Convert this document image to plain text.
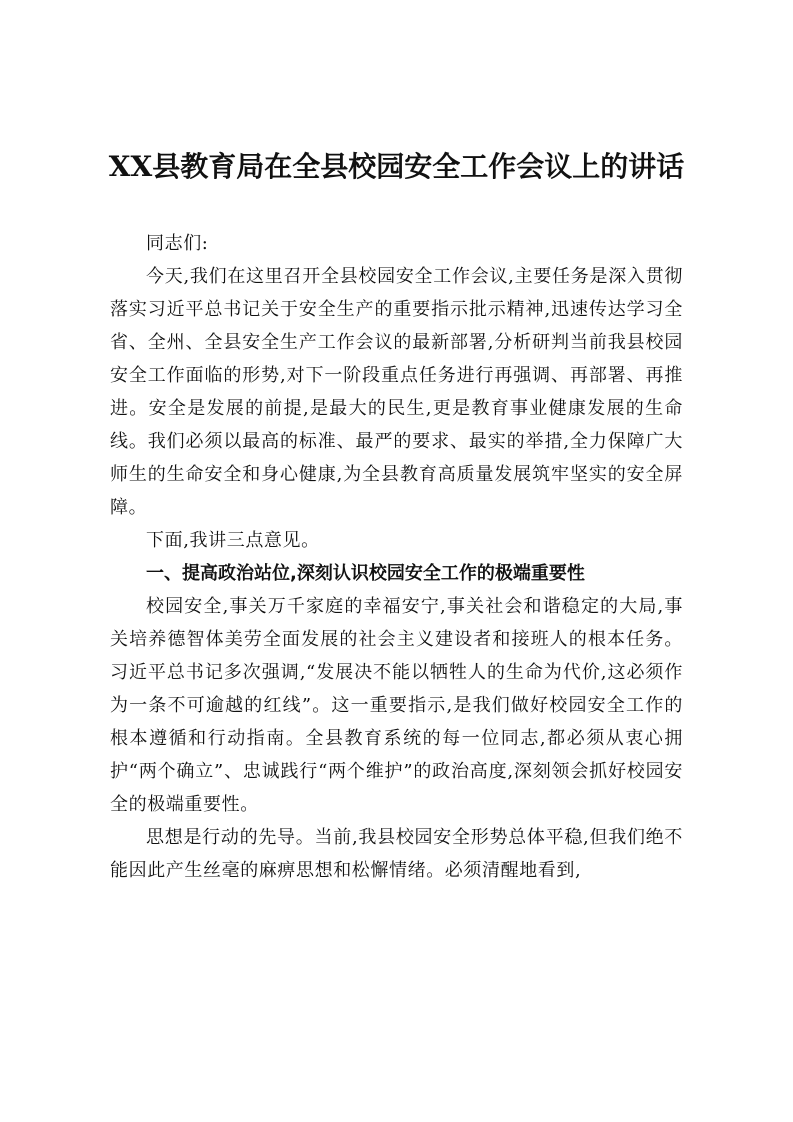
XX县教育局在全县校园安全工作会议上的讲话

同志们:

今天,我们在这里召开全县校园安全工作会议,主要任务是深入贯彻落实习近平总书记关于安全生产的重要指示批示精神,迅速传达学习全省、全州、全县安全生产工作会议的最新部署,分析研判当前我县校园安全工作面临的形势,对下一阶段重点任务进行再强调、再部署、再推进。安全是发展的前提,是最大的民生,更是教育事业健康发展的生命线。我们必须以最高的标准、最严的要求、最实的举措,全力保障广大师生的生命安全和身心健康,为全县教育高质量发展筑牢坚实的安全屏障。

下面,我讲三点意见。

一、提高政治站位,深刻认识校园安全工作的极端重要性

校园安全,事关万千家庭的幸福安宁,事关社会和谐稳定的大局,事关培养德智体美劳全面发展的社会主义建设者和接班人的根本任务。习近平总书记多次强调,“发展决不能以牺牲人的生命为代价,这必须作为一条不可逾越的红线”。这一重要指示,是我们做好校园安全工作的根本遵循和行动指南。全县教育系统的每一位同志,都必须从衷心拥护“两个确立”、忠诚践行“两个维护”的政治高度,深刻领会抓好校园安全的极端重要性。

思想是行动的先导。当前,我县校园安全形势总体平稳,但我们绝不能因此产生丝毫的麻痹思想和松懈情绪。必须清醒地看到,
